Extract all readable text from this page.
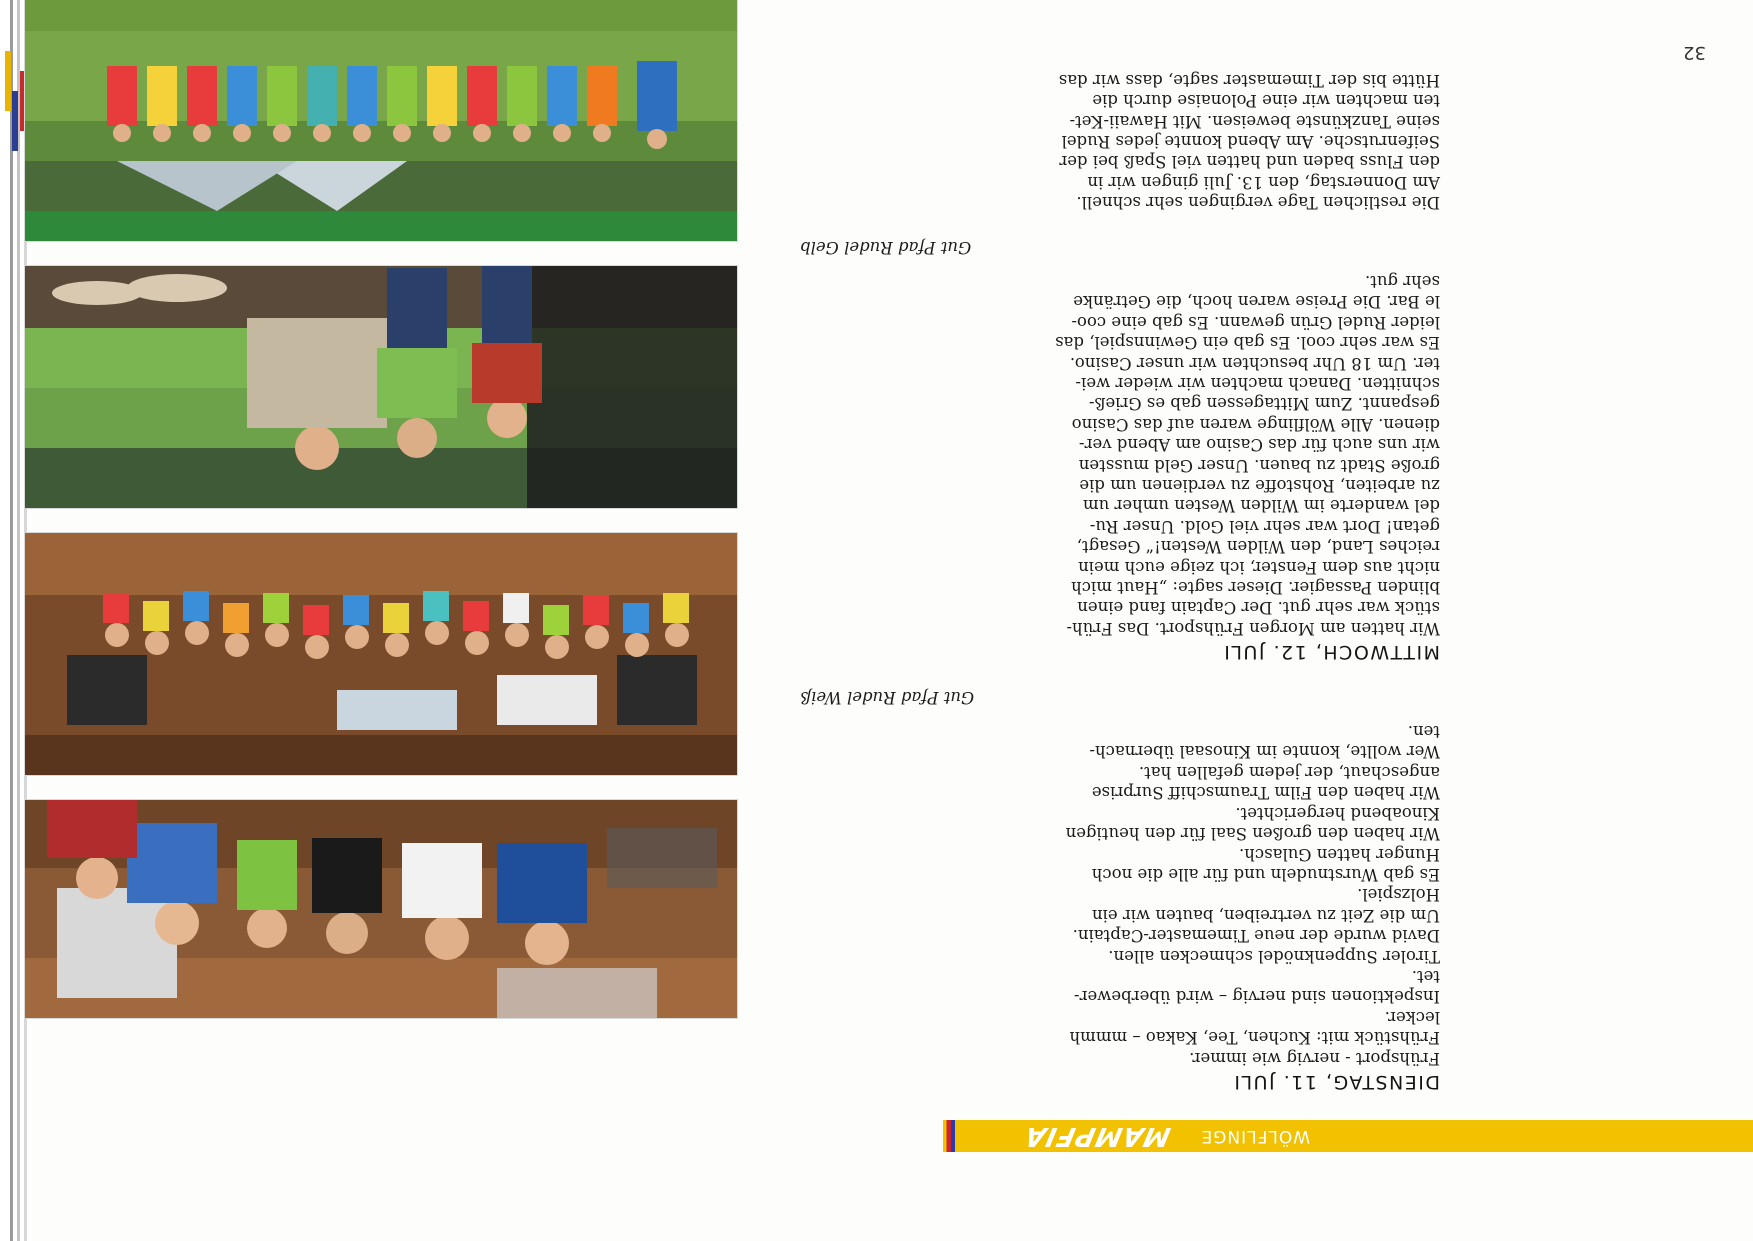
WÖLFLINGE
MAMPFIA
DIENSTAG, 11. JULI

Frühsport - nervig wie immer.

Frühstück mit: Kuchen, Tee, Kakao – mmmh

lecker.

Inspektionen sind nervig – wird überbewer-

tet.

Tiroler Suppenknödel schmecken allen.

David wurde der neue Timemaster-Captain.

Um die Zeit zu vertreiben, bauten wir ein

Holzspiel.

Es gab Wurstnudeln und für alle die noch

Hunger hatten Gulasch.

Wir haben den großen Saal für den heutigen

Kinoabend hergerichtet.

Wir haben den Film Traumschiff Surprise

angeschaut, der jedem gefallen hat.

Wer wollte, konnte im Kinosaal übernach-

ten.

Gut Pfad Rudel Weiß

MITTWOCH, 12. JULI

Wir hatten am Morgen Frühsport. Das Früh-

stück war sehr gut. Der Captain fand einen

blinden Passagier. Dieser sagte: „Haut mich

nicht aus dem Fenster, ich zeige euch mein

reiches Land, den Wilden Westen!“ Gesagt,

getan! Dort war sehr viel Gold. Unser Ru-

del wanderte im Wilden Westen umher um

zu arbeiten, Rohstoffe zu verdienen um die

große Stadt zu bauen. Unser Geld mussten

wir uns auch für das Casino am Abend ver-

dienen. Alle Wölflinge waren auf das Casino

gespannt. Zum Mittagessen gab es Grieß-

schnitten. Danach machten wir wieder wei-

ter. Um 18 Uhr besuchten wir unser Casino.

Es war sehr cool. Es gab ein Gewinnspiel, das

leider Rudel Grün gewann. Es gab eine coo-

le Bar. Die Preise waren hoch, die Getränke

sehr gut.

Gut Pfad Rudel Gelb

Die restlichen Tage vergingen sehr schnell.

Am Donnerstag, den 13. Juli gingen wir in

den Fluss baden und hatten viel Spaß bei der

Seifenrutsche. Am Abend konnte jedes Rudel

seine Tanzkünste beweisen. Mit Hawaii-Ket-

ten machten wir eine Polonaise durch die

Hütte bis der Timemaster sagte, dass wir das

32
